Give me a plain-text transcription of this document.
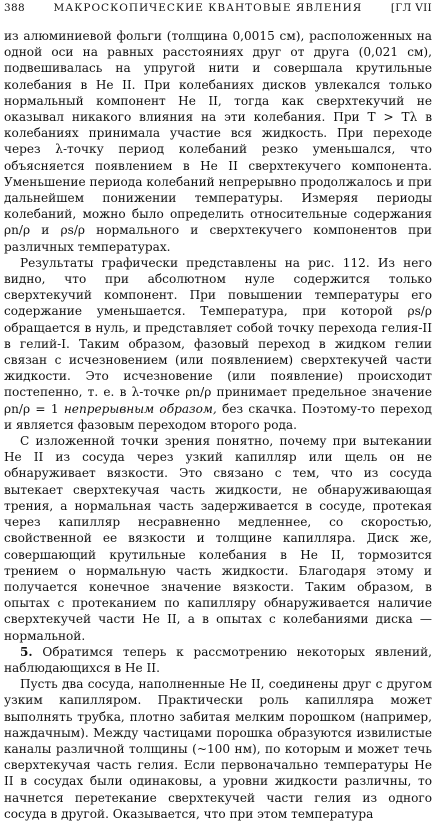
388	МАКРОСКОПИЧЕСКИЕ КВАНТОВЫЕ ЯВЛЕНИЯ	[ГЛ VII

из алюминиевой фольги (толщина 0,0015 см), расположенных на одной оси на равных расстояниях друг от друга (0,021 см), подвешивалась на упругой нити и совершала крутильные колебания в He II. При колебаниях дисков увлекался только нормальный компонент He II, тогда как сверхтекучий не оказывал никакого влияния на эти колебания. При T > Tλ в колебаниях принимала участие вся жидкость. При переходе через λ-точку период колебаний резко уменьшался, что объясняется появлением в He II сверхтекучего компонента. Уменьшение периода колебаний непрерывно продолжалось и при дальнейшем понижении температуры. Измеряя периоды колебаний, можно было определить относительные содержания ρn/ρ и ρs/ρ нормального и сверхтекучего компонентов при различных температурах.

Результаты графически представлены на рис. 112. Из него видно, что при абсолютном нуле содержится только сверхтекучий компонент. При повышении температуры его содержание уменьшается. Температура, при которой ρs/ρ обращается в нуль, и представляет собой точку перехода гелия-II в гелий-I. Таким образом, фазовый переход в жидком гелии связан с исчезновением (или появлением) сверхтекучей части жидкости. Это исчезновение (или появление) происходит постепенно, т. е. в λ-точке ρn/ρ принимает предельное значение ρn/ρ = 1 непрерывным образом, без скачка. Поэтому-то переход и является фазовым переходом второго рода.

С изложенной точки зрения понятно, почему при вытекании He II из сосуда через узкий капилляр или щель он не обнаруживает вязкости. Это связано с тем, что из сосуда вытекает сверхтекучая часть жидкости, не обнаруживающая трения, а нормальная часть задерживается в сосуде, протекая через капилляр несравненно медленнее, со скоростью, свойственной ее вязкости и толщине капилляра. Диск же, совершающий крутильные колебания в He II, тормозится трением о нормальную часть жидкости. Благодаря этому и получается конечное значение вязкости. Таким образом, в опытах с протеканием по капилляру обнаруживается наличие сверхтекучей части He II, а в опытах с колебаниями диска — нормальной.

5. Обратимся теперь к рассмотрению некоторых явлений, наблюдающихся в He II.

Пусть два сосуда, наполненные He II, соединены друг с другом узким капилляром. Практически роль капилляра может выполнять трубка, плотно забитая мелким порошком (например, наждачным). Между частицами порошка образуются извилистые каналы различной толщины (~100 нм), по которым и может течь сверхтекучая часть гелия. Если первоначально температуры He II в сосудах были одинаковы, а уровни жидкости различны, то начнется перетекание сверхтекучей части гелия из одного сосуда в другой. Оказывается, что при этом температура
